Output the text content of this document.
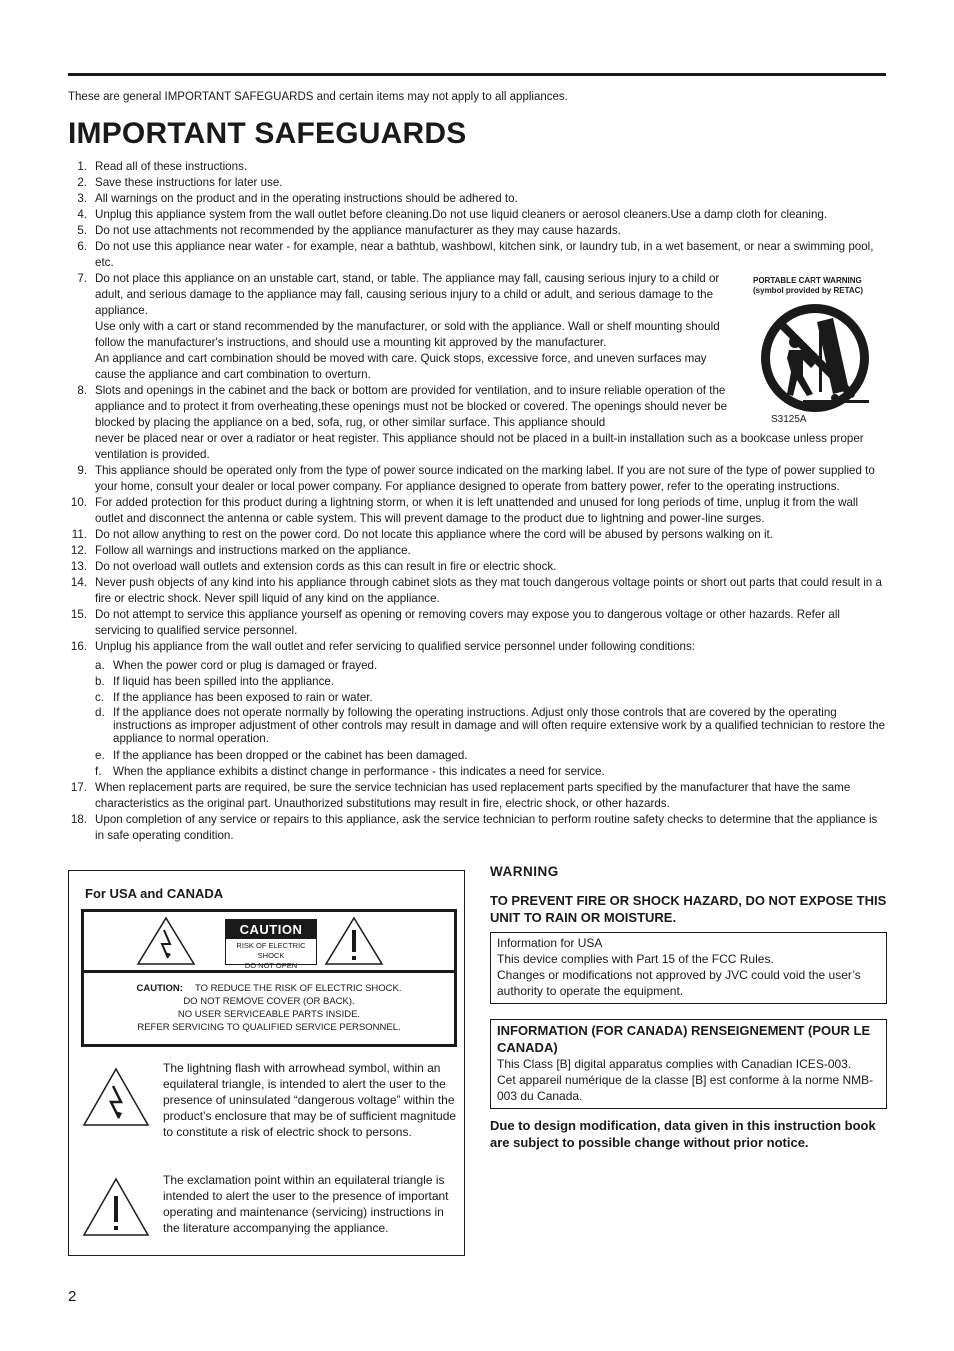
These are general IMPORTANT SAFEGUARDS and certain items may not apply to all appliances.
IMPORTANT SAFEGUARDS
1. Read all of these instructions.
2. Save these instructions for later use.
3. All warnings on the product and in the operating instructions should be adhered to.
4. Unplug this appliance system from the wall outlet before cleaning.Do not use liquid cleaners or aerosol cleaners.Use a damp cloth for cleaning.
5. Do not use attachments not recommended by the appliance manufacturer as they may cause hazards.
6. Do not use this appliance near water - for example, near a bathtub, washbowl, kitchen sink, or laundry tub, in a wet basement, or near a swimming pool, etc.
7. Do not place this appliance on an unstable cart, stand, or table. The appliance may fall, causing serious injury to a child or adult, and serious damage to the appliance may fall, causing serious injury to a child or adult, and serious damage to the appliance.
Use only with a cart or stand recommended by the manufacturer, or sold with the appliance. Wall or shelf mounting should follow the manufacturer's instructions, and should use a mounting kit approved by the manufacturer.
An appliance and cart combination should be moved with care. Quick stops, excessive force, and uneven surfaces may cause the appliance and cart combination to overturn.
8. Slots and openings in the cabinet and the back or bottom are provided for ventilation, and to insure reliable operation of the appliance and to protect it from overheating,these openings must not be blocked or covered. The openings should never be blocked by placing the appliance on a bed, sofa, rug, or other similar surface. This appliance should
never be placed near or over a radiator or heat register. This appliance should not be placed in a built-in installation such as a bookcase unless proper ventilation is provided.
9. This appliance should be operated only from the type of power source indicated on the marking label. If you are not sure of the type of power supplied to your home, consult your dealer or local power company. For appliance designed to operate from battery power, refer to the operating instructions.
10. For added protection for this product during a lightning storm, or when it is left unattended and unused for long periods of time, unplug it from the wall outlet and disconnect the antenna or cable system. This will prevent damage to the product due to lightning and power-line surges.
11. Do not allow anything to rest on the power cord. Do not locate this appliance where the cord will be abused by persons walking on it.
12. Follow all warnings and instructions marked on the appliance.
13. Do not overload wall outlets and extension cords as this can result in fire or electric shock.
14. Never push objects of any kind into his appliance through cabinet slots as they mat touch dangerous voltage points or short out parts that could result in a fire or electric shock. Never spill liquid of any kind on the appliance.
15. Do not attempt to service this appliance yourself as opening or removing covers may expose you to dangerous voltage or other hazards. Refer all servicing to qualified service personnel.
16. Unplug his appliance from the wall outlet and refer servicing to qualified service personnel under following conditions:
a. When the power cord or plug is damaged or frayed.
b. If liquid has been spilled into the appliance.
c. If the appliance has been exposed to rain or water.
d. If the appliance does not operate normally by following the operating instructions. Adjust only those controls that are covered by the operating instructions as improper adjustment of other controls may result in damage and will often require extensive work by a qualified technician to restore the appliance to normal operation.
e. If the appliance has been dropped or the cabinet has been damaged.
f. When the appliance exhibits a distinct change in performance - this indicates a need for service.
17. When replacement parts are required, be sure the service technician has used replacement parts specified by the manufacturer that have the same characteristics as the original part. Unauthorized substitutions may result in fire, electric shock, or other hazards.
18. Upon completion of any service or repairs to this appliance, ask the service technician to perform routine safety checks to determine that the appliance is in safe operating condition.
PORTABLE CART WARNING
(symbol provided by RETAC)
S3125A
For USA and CANADA
CAUTION
RISK OF ELECTRIC SHOCK
DO NOT OPEN
CAUTION: TO REDUCE THE RISK OF ELECTRIC SHOCK.
DO NOT REMOVE COVER (OR BACK).
NO USER SERVICEABLE PARTS INSIDE.
REFER SERVICING TO QUALIFIED SERVICE PERSONNEL.
The lightning flash with arrowhead symbol, within an equilateral triangle, is intended to alert the user to the presence of uninsulated “dangerous voltage” within the product’s enclosure that may be of sufficient magnitude to constitute a risk of electric shock to persons.
The exclamation point within an equilateral triangle is intended to alert the user to the presence of important operating and maintenance (servicing) instructions in the literature accompanying the appliance.
WARNING
TO PREVENT FIRE OR SHOCK HAZARD, DO NOT EXPOSE THIS UNIT TO RAIN OR MOISTURE.
Information for USA
This device complies with Part 15 of the FCC Rules.
Changes or modifications not approved by JVC could void the user’s authority to operate the equipment.
INFORMATION (FOR CANADA) RENSEIGNEMENT (POUR LE CANADA)
This Class [B] digital apparatus complies with Canadian ICES-003.
Cet appareil numérique de la classe [B] est conforme à la norme NMB-003 du Canada.
Due to design modification, data given in this instruction book are subject to possible change without prior notice.
2
